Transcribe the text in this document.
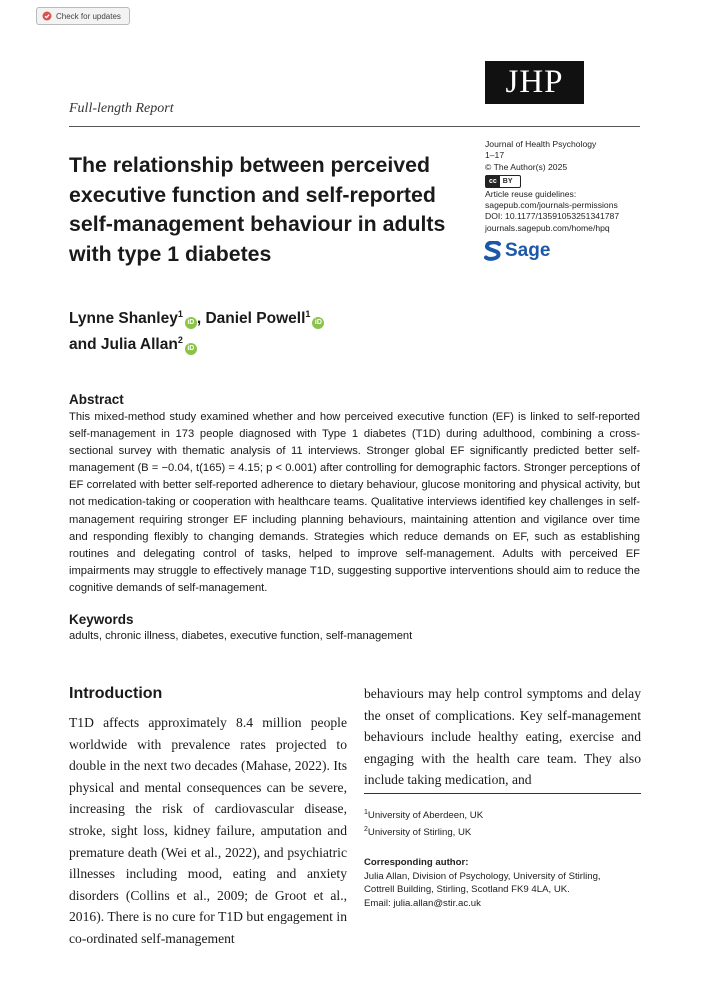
Check for updates
JHP
Full-length Report
Journal of Health Psychology
1–17
© The Author(s) 2025
cc BY
Article reuse guidelines:
sagepub.com/journals-permissions
DOI: 10.1177/13591053251341787
journals.sagepub.com/home/hpq
Sage
The relationship between perceived executive function and self-reported self-management behaviour in adults with type 1 diabetes
Lynne Shanley$^1$iD , Daniel Powell$^1$iD
and Julia Allan$^2$iD
Abstract
This mixed-method study examined whether and how perceived executive function (EF) is linked to self-reported self-management in 173 people diagnosed with Type 1 diabetes (T1D) during adulthood, combining a cross-sectional survey with thematic analysis of 11 interviews. Stronger global EF significantly predicted better self-management (B = −0.04, t(165) = 4.15; p < 0.001) after controlling for demographic factors. Stronger perceptions of EF correlated with better self-reported adherence to dietary behaviour, glucose monitoring and physical activity, but not medication-taking or cooperation with healthcare teams. Qualitative interviews identified key challenges in self-management requiring stronger EF including planning behaviours, maintaining attention and vigilance over time and responding flexibly to changing demands. Strategies which reduce demands on EF, such as establishing routines and delegating control of tasks, helped to improve self-management. Adults with perceived EF impairments may struggle to effectively manage T1D, suggesting supportive interventions should aim to reduce the cognitive demands of self-management.
Keywords
adults, chronic illness, diabetes, executive function, self-management
Introduction
T1D affects approximately 8.4 million people worldwide with prevalence rates projected to double in the next two decades (Mahase, 2022). Its physical and mental consequences can be severe, increasing the risk of cardiovascular disease, stroke, sight loss, kidney failure, amputation and premature death (Wei et al., 2022), and psychiatric illnesses including mood, eating and anxiety disorders (Collins et al., 2009; de Groot et al., 2016). There is no cure for T1D but engagement in co-ordinated self-management
behaviours may help control symptoms and delay the onset of complications. Key self-management behaviours include healthy eating, exercise and engaging with the health care team. They also include taking medication, and
$^1$University of Aberdeen, UK
$^2$University of Stirling, UK
Corresponding author:
Julia Allan, Division of Psychology, University of Stirling,
Cottrell Building, Stirling, Scotland FK9 4LA, UK.
Email: julia.allan@stir.ac.uk
